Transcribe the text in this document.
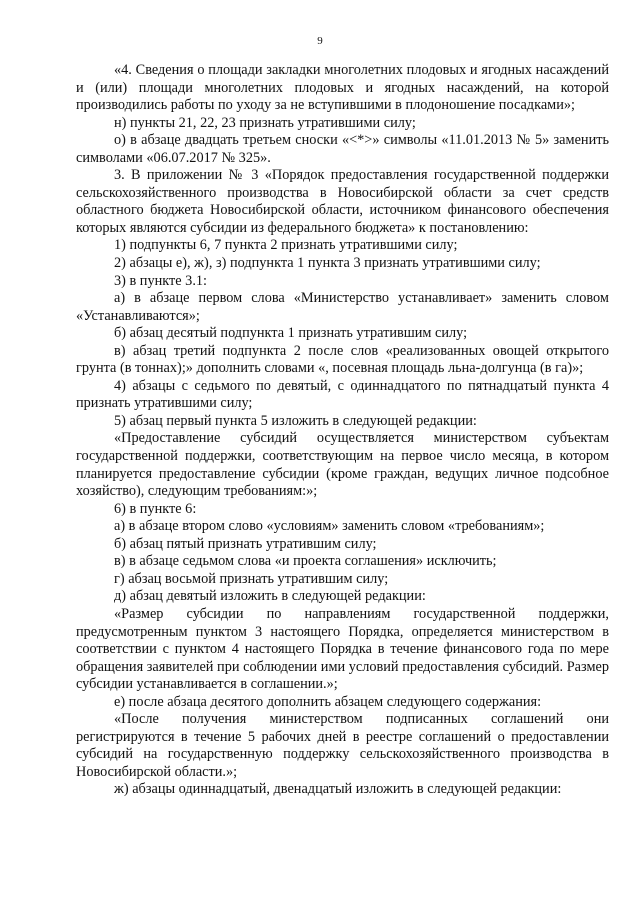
9

«4. Сведения о площади закладки многолетних плодовых и ягодных насаждений и (или) площади многолетних плодовых и ягодных насаждений, на которой производились работы по уходу за не вступившими в плодоношение посадками»;

н) пункты 21, 22, 23 признать утратившими силу;

о) в абзаце двадцать третьем сноски «<*>» символы «11.01.2013 № 5» заменить символами «06.07.2017 № 325».

3. В приложении № 3 «Порядок предоставления государственной поддержки сельскохозяйственного производства в Новосибирской области за счет средств областного бюджета Новосибирской области, источником финансового обеспечения которых являются субсидии из федерального бюджета» к постановлению:

1) подпункты 6, 7 пункта 2 признать утратившими силу;

2) абзацы е), ж), з) подпункта 1 пункта 3 признать утратившими силу;

3) в пункте 3.1:

а) в абзаце первом слова «Министерство устанавливает» заменить словом «Устанавливаются»;

б) абзац десятый подпункта 1 признать утратившим силу;

в) абзац третий подпункта 2 после слов «реализованных овощей открытого грунта (в тоннах);» дополнить словами «, посевная площадь льна-долгунца (в га)»;

4) абзацы с седьмого по девятый, с одиннадцатого по пятнадцатый пункта 4 признать утратившими силу;

5) абзац первый пункта 5 изложить в следующей редакции:

«Предоставление субсидий осуществляется министерством субъектам государственной поддержки, соответствующим на первое число месяца, в котором планируется предоставление субсидии (кроме граждан, ведущих личное подсобное хозяйство), следующим требованиям:»;

6) в пункте 6:

а) в абзаце втором слово «условиям» заменить словом «требованиям»;

б) абзац пятый признать утратившим силу;

в) в абзаце седьмом слова «и проекта соглашения» исключить;

г) абзац восьмой признать утратившим силу;

д) абзац девятый изложить в следующей редакции:

«Размер субсидии по направлениям государственной поддержки, предусмотренным пунктом 3 настоящего Порядка, определяется министерством в соответствии с пунктом 4 настоящего Порядка в течение финансового года по мере обращения заявителей при соблюдении ими условий предоставления субсидий. Размер субсидии устанавливается в соглашении.»;

е) после абзаца десятого дополнить абзацем следующего содержания:

«После получения министерством подписанных соглашений они регистрируются в течение 5 рабочих дней в реестре соглашений о предоставлении субсидий на государственную поддержку сельскохозяйственного производства в Новосибирской области.»;

ж) абзацы одиннадцатый, двенадцатый изложить в следующей редакции:
